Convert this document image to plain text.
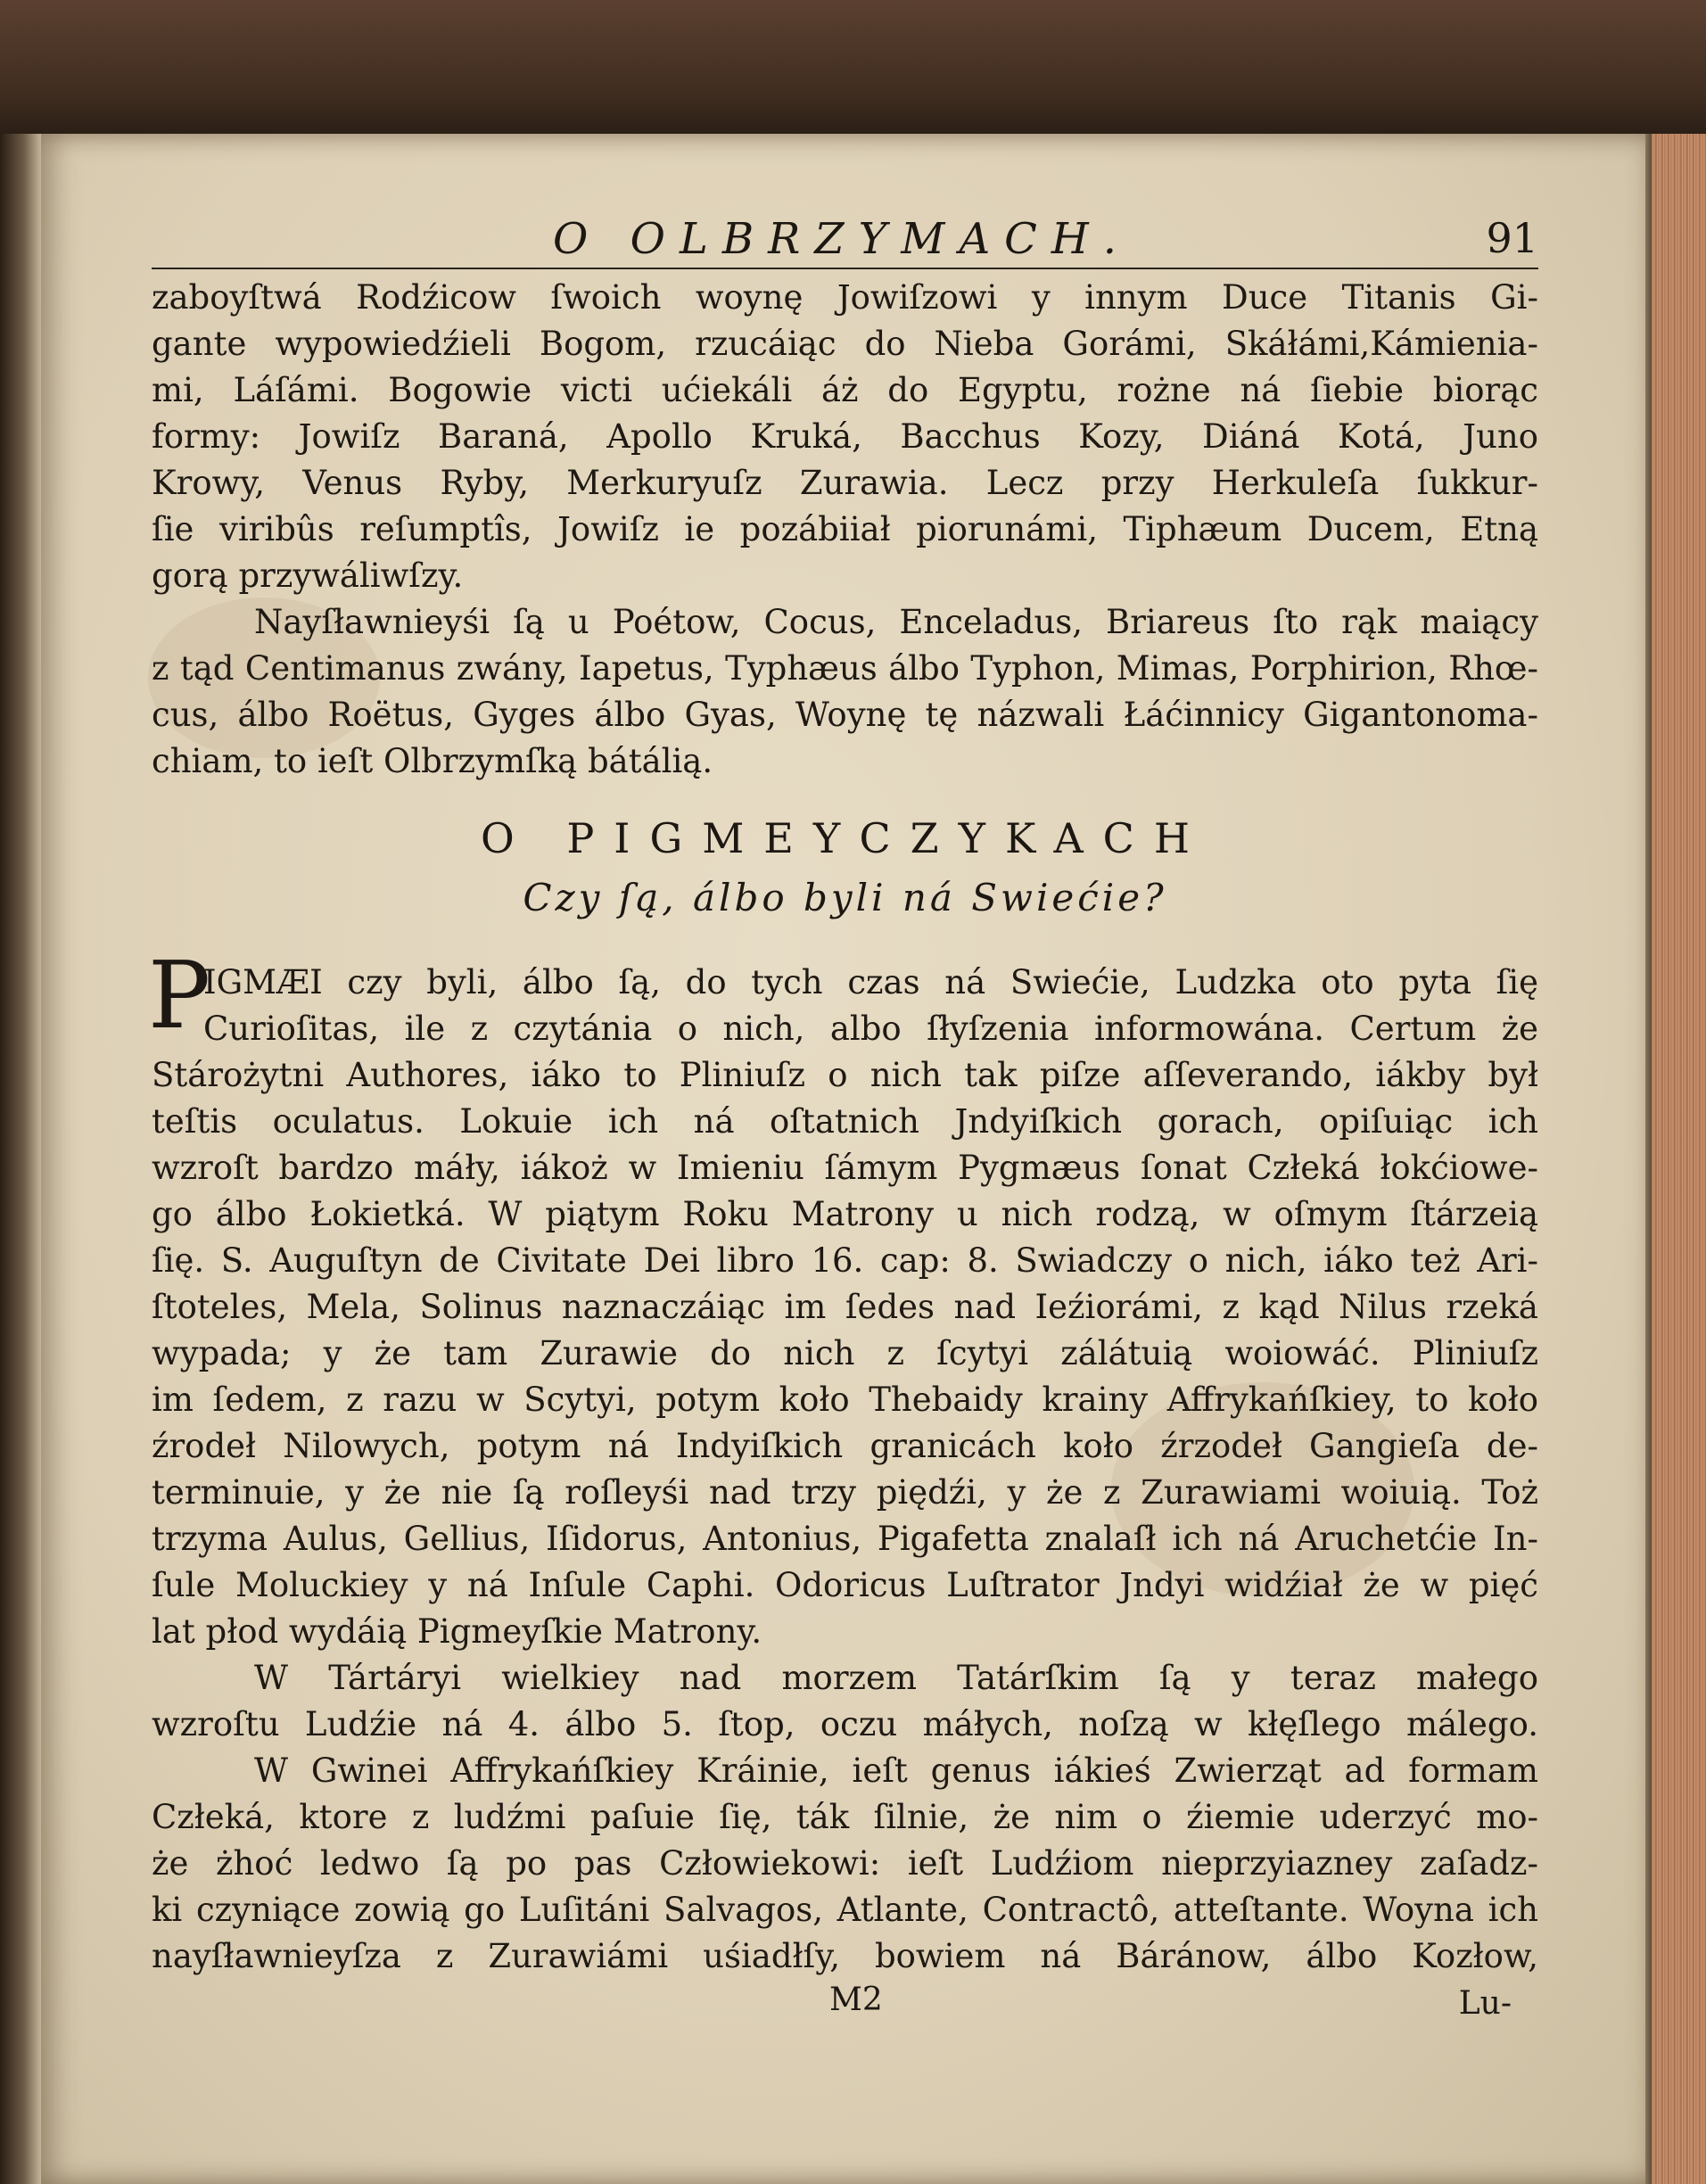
O OLBRZYMACH.	91
zaboyſtwá Rodźicow ſwoich woynę Jowiſzowi y innym Duce Titanis Gi-
gante wypowiedźieli Bogom, rzucáiąc do Nieba Gorámi, Skáłámi,Kámienia-
mi, Láſámi. Bogowie victi ućiekáli áż do Egyptu, rożne ná ſiebie biorąc
formy: Jowiſz Baraná, Apollo Kruká, Bacchus Kozy, Diáná Kotá, Juno
Krowy, Venus Ryby, Merkuryuſz Zurawia. Lecz przy Herkuleſa ſukkur-
ſie viribûs reſumptîs, Jowiſz ie pozábiiał piorunámi, Tiphæum Ducem, Etną
gorą przywáliwſzy.
Nayſławnieyśi ſą u Poétow, Cocus, Enceladus, Briareus ſto rąk maiący
z tąd Centimanus zwány, Iapetus, Typhæus álbo Typhon, Mimas, Porphirion, Rhœ-
cus, álbo Roëtus, Gyges álbo Gyas, Woynę tę názwali Łáćinnicy Gigantonoma-
chiam, to ieſt Olbrzymſką bátálią.
O PIGMEYCZYKACH
Czy ſą, álbo byli ná Swiećie?
P
IGMÆI czy byli, álbo ſą, do tych czas ná Swiećie, Ludzka oto pyta ſię
Curioſitas, ile z czytánia o nich, albo ſłyſzenia informowána. Certum że
Stárożytni Authores, iáko to Pliniuſz o nich tak piſze aſſeverando, iákby był
teſtis oculatus. Lokuie ich ná oſtatnich Jndyiſkich gorach, opiſuiąc ich
wzroſt bardzo máły, iákoż w Imieniu ſámym Pygmæus ſonat Człeká łokćiowe-
go álbo Łokietká. W piątym Roku Matrony u nich rodzą, w oſmym ſtárzeią
ſię. S. Auguſtyn de Civitate Dei libro 16. cap: 8. Swiadczy o nich, iáko też Ari-
ſtoteles, Mela, Solinus naznaczáiąc im ſedes nad Ieźiorámi, z kąd Nilus rzeká
wypada; y że tam Zurawie do nich z ſcytyi zálátuią woiowáć. Pliniuſz
im ſedem, z razu w Scytyi, potym koło Thebaidy krainy Affrykańſkiey, to koło
źrodeł Nilowych, potym ná Indyiſkich granicách koło źrzodeł Gangieſa de-
terminuie, y że nie ſą roſleyśi nad trzy piędźi, y że z Zurawiami woiuią. Toż
trzyma Aulus, Gellius, Iſidorus, Antonius, Pigafetta znalaſł ich ná Aruchetćie In-
ſule Moluckiey y ná Inſule Caphi. Odoricus Luſtrator Jndyi widźiał że w pięć
lat płod wydáią Pigmeyſkie Matrony.
W Tártáryi wielkiey nad morzem Tatárſkim ſą y teraz małego
wzroſtu Ludźie ná 4. álbo 5. ſtop, oczu máłych, noſzą w kłęſlego málego.
W Gwinei Affrykańſkiey Kráinie, ieſt genus iákieś Zwierząt ad formam
Człeká, ktore z ludźmi paſuie ſię, ták ſilnie, że nim o źiemie uderzyć mo-
że żhoć ledwo ſą po pas Człowiekowi: ieſt Ludźiom nieprzyiazney zaſadz-
ki czyniące zowią go Luſitáni Salvagos, Atlante, Contractô, atteſtante. Woyna ich
nayſławnieyſza z Zurawiámi uśiadłſy, bowiem ná Báránow, álbo Kozłow,
M2	Lu-
